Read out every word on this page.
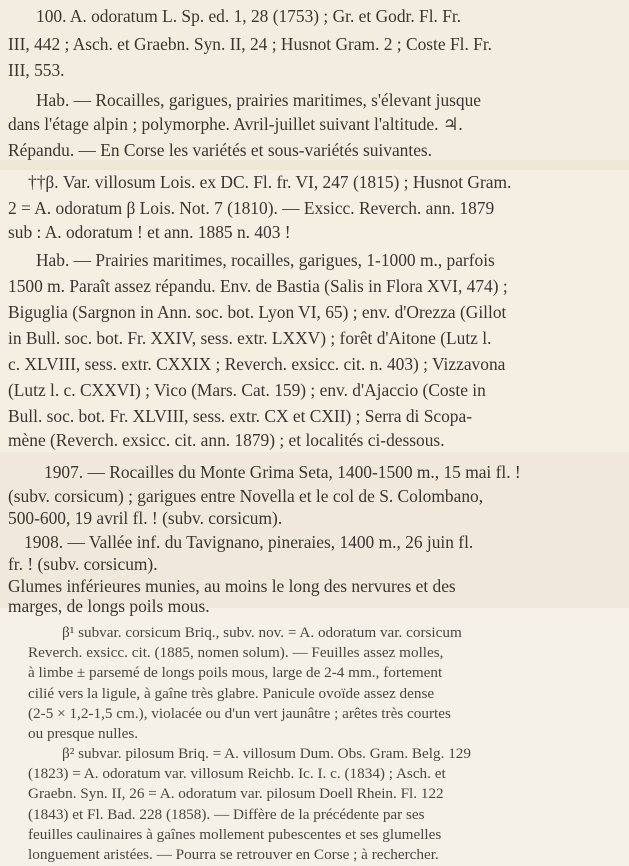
100. A. odoratum L. Sp. ed. 1, 28 (1753) ; Gr. et Godr. Fl. Fr.
III, 442 ; Asch. et Graebn. Syn. II, 24 ; Husnot Gram. 2 ; Coste Fl. Fr.
III, 553.
Hab. — Rocailles, garigues, prairies maritimes, s'élevant jusque
dans l'étage alpin ; polymorphe. Avril-juillet suivant l'altitude. ♃.
Répandu. — En Corse les variétés et sous-variétés suivantes.
††β. Var. villosum Lois. ex DC. Fl. fr. VI, 247 (1815) ; Husnot Gram.
2 = A. odoratum β Lois. Not. 7 (1810). — Exsicc. Reverch. ann. 1879
sub : A. odoratum ! et ann. 1885 n. 403 !
Hab. — Prairies maritimes, rocailles, garigues, 1-1000 m., parfois
1500 m. Paraît assez répandu. Env. de Bastia (Salis in Flora XVI, 474) ;
Biguglia (Sargnon in Ann. soc. bot. Lyon VI, 65) ; env. d'Orezza (Gillot
in Bull. soc. bot. Fr. XXIV, sess. extr. LXXV) ; forêt d'Aitone (Lutz l.
c. XLVIII, sess. extr. CXXIX ; Reverch. exsicc. cit. n. 403) ; Vizzavona
(Lutz l. c. CXXVI) ; Vico (Mars. Cat. 159) ; env. d'Ajaccio (Coste in
Bull. soc. bot. Fr. XLVIII, sess. extr. CX et CXII) ; Serra di Scopa-
mène (Reverch. exsicc. cit. ann. 1879) ; et localités ci-dessous.
1907. — Rocailles du Monte Grima Seta, 1400-1500 m., 15 mai fl. !
(subv. corsicum) ; garigues entre Novella et le col de S. Colombano,
500-600, 19 avril fl. ! (subv. corsicum).
1908. — Vallée inf. du Tavignano, pineraies, 1400 m., 26 juin fl.
fr. ! (subv. corsicum).
Glumes inférieures munies, au moins le long des nervures et des
marges, de longs poils mous.
β¹ subvar. corsicum Briq., subv. nov. = A. odoratum var. corsicum
Reverch. exsicc. cit. (1885, nomen solum). — Feuilles assez molles,
à limbe ± parsemé de longs poils mous, large de 2-4 mm., fortement
cilié vers la ligule, à gaîne très glabre. Panicule ovoïde assez dense
(2-5 × 1,2-1,5 cm.), violacée ou d'un vert jaunâtre ; arêtes très courtes
ou presque nulles.
β² subvar. pilosum Briq. = A. villosum Dum. Obs. Gram. Belg. 129
(1823) = A. odoratum var. villosum Reichb. Ic. I. c. (1834) ; Asch. et
Graebn. Syn. II, 26 = A. odoratum var. pilosum Doell Rhein. Fl. 122
(1843) et Fl. Bad. 228 (1858). — Diffère de la précédente par ses
feuilles caulinaires à gaînes mollement pubescentes et ses glumelles
longuement aristées. — Pourra se retrouver en Corse ; à rechercher.
